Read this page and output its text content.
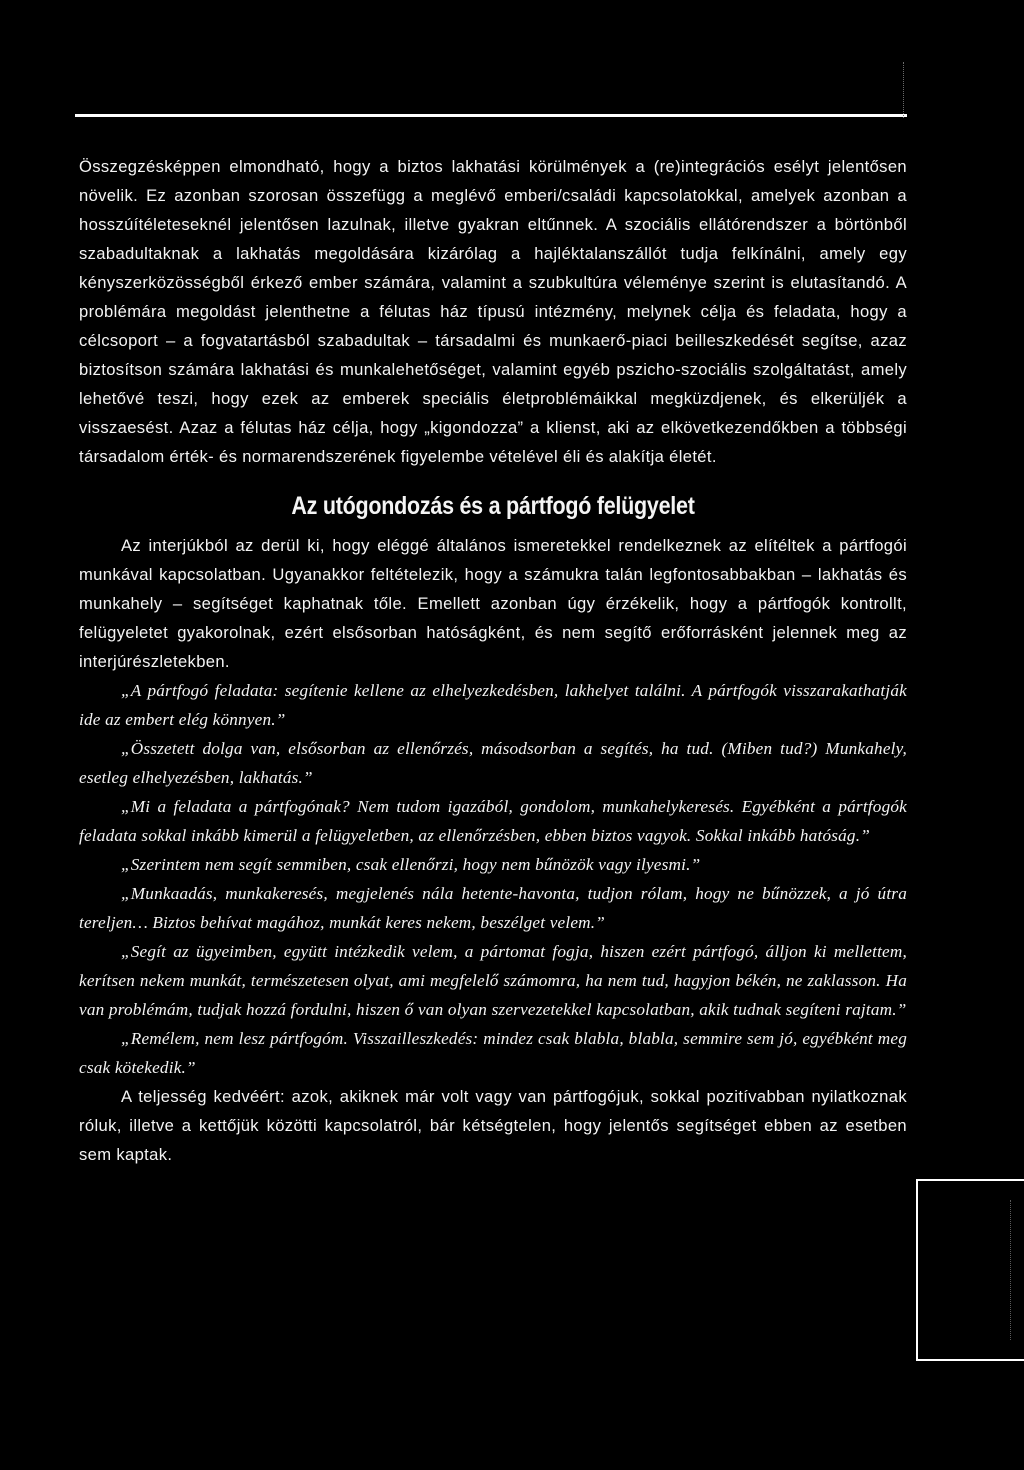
Összegzésképpen elmondható, hogy a biztos lakhatási körülmények a (re)integrációs esélyt jelentősen növelik. Ez azonban szorosan összefügg a meglévő emberi/családi kapcsolatokkal, amelyek azonban a hosszúítéleteseknél jelentősen lazulnak, illetve gyakran eltűnnek. A szociális ellátórendszer a börtönből szabadultaknak a lakhatás megoldására kizárólag a hajléktalanszállót tudja felkínálni, amely egy kényszerközösségből érkező ember számára, valamint a szubkultúra véleménye szerint is elutasítandó. A problémára megoldást jelenthetne a félutas ház típusú intézmény, melynek célja és feladata, hogy a célcsoport – a fogvatartásból szabadultak – társadalmi és munkaerő-piaci beilleszkedését segítse, azaz biztosítson számára lakhatási és munkalehetőséget, valamint egyéb pszicho-szociális szolgáltatást, amely lehetővé teszi, hogy ezek az emberek speciális életproblémáikkal megküzdjenek, és elkerüljék a visszaesést. Azaz a félutas ház célja, hogy „kigondozza” a klienst, aki az elkövetkezendőkben a többségi társadalom érték- és normarendszerének figyelembe vételével éli és alakítja életét.

Az utógondozás és a pártfogó felügyelet

Az interjúkból az derül ki, hogy eléggé általános ismeretekkel rendelkeznek az elítéltek a pártfogói munkával kapcsolatban. Ugyanakkor feltételezik, hogy a számukra talán legfontosabbakban – lakhatás és munkahely – segítséget kaphatnak tőle. Emellett azonban úgy érzékelik, hogy a pártfogók kontrollt, felügyeletet gyakorolnak, ezért elsősorban hatóságként, és nem segítő erőforrásként jelennek meg az interjúrészletekben.

„A pártfogó feladata: segítenie kellene az elhelyezkedésben, lakhelyet találni. A pártfogók visszarakathatják ide az embert elég könnyen.”

„Összetett dolga van, elsősorban az ellenőrzés, másodsorban a segítés, ha tud. (Miben tud?) Munkahely, esetleg elhelyezésben, lakhatás.”

„Mi a feladata a pártfogónak? Nem tudom igazából, gondolom, munkahelykeresés. Egyébként a pártfogók feladata sokkal inkább kimerül a felügyeletben, az ellenőrzésben, ebben biztos vagyok. Sokkal inkább hatóság.”

„Szerintem nem segít semmiben, csak ellenőrzi, hogy nem bűnözök vagy ilyesmi.”

„Munkaadás, munkakeresés, megjelenés nála hetente-havonta, tudjon rólam, hogy ne bűnözzek, a jó útra tereljen… Biztos behívat magához, munkát keres nekem, beszélget velem.”

„Segít az ügyeimben, együtt intézkedik velem, a pártomat fogja, hiszen ezért pártfogó, álljon ki mellettem, kerítsen nekem munkát, természetesen olyat, ami megfelelő számomra, ha nem tud, hagyjon békén, ne zaklasson. Ha van problémám, tudjak hozzá fordulni, hiszen ő van olyan szervezetekkel kapcsolatban, akik tudnak segíteni rajtam.”

„Remélem, nem lesz pártfogóm. Visszailleszkedés: mindez csak blabla, blabla, semmire sem jó, egyébként meg csak kötekedik.”

A teljesség kedvéért: azok, akiknek már volt vagy van pártfogójuk, sokkal pozitívabban nyilatkoznak róluk, illetve a kettőjük közötti kapcsolatról, bár kétségtelen, hogy jelentős segítséget ebben az esetben sem kaptak.
